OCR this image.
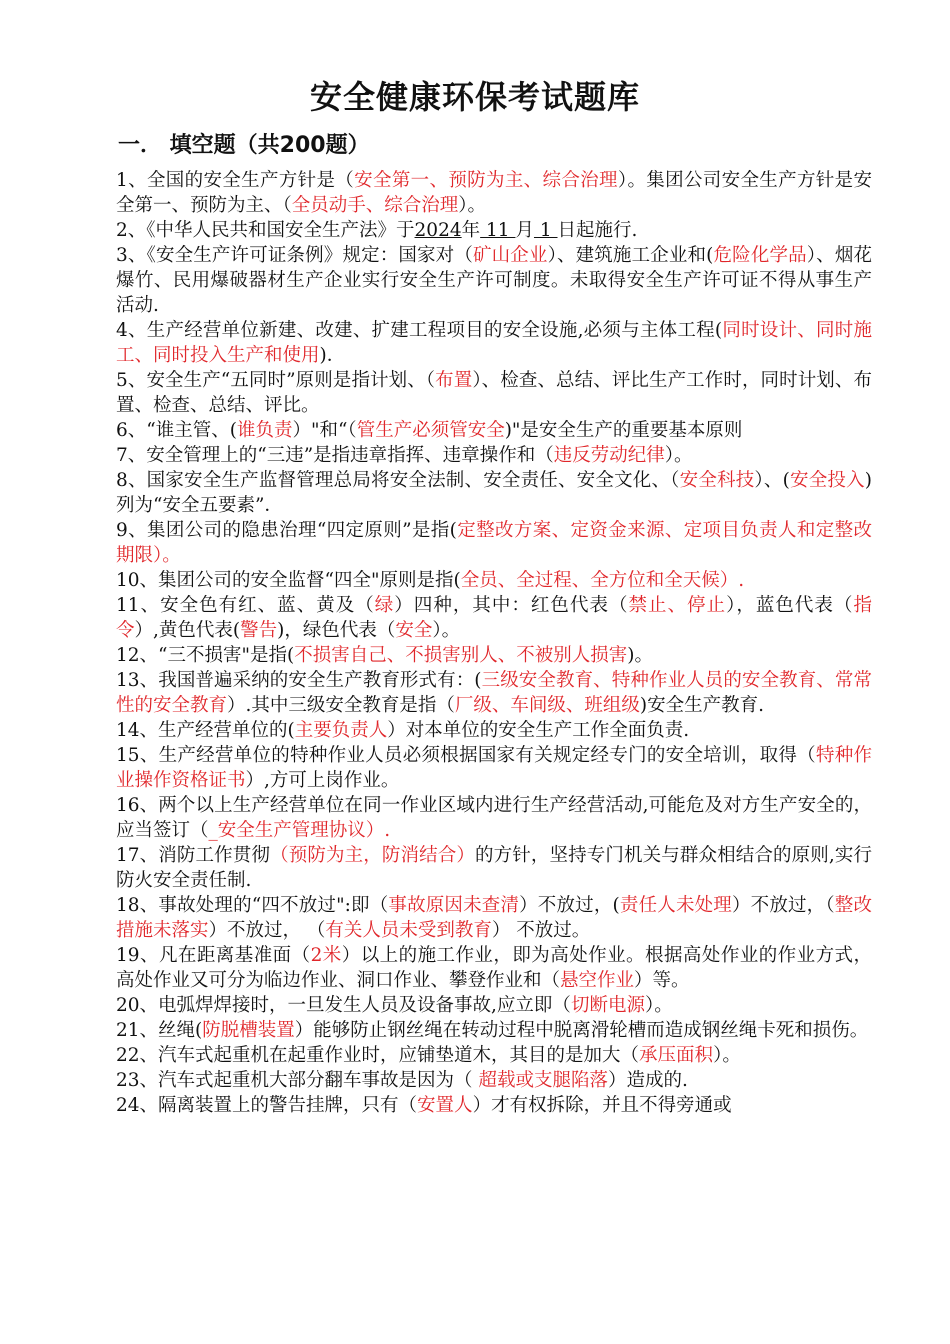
安全健康环保考试题库
一． 填空题（共200题）

1、全国的安全生产方针是（安全第一、预防为主、综合治理）。集团公司安全生产方针是安全第一、预防为主、（全员动手、综合治理）。

2、《中华人民共和国安全生产法》于2024年 11 月 1 日起施行.

3、《安全生产许可证条例》规定：国家对（矿山企业）、建筑施工企业和(危险化学品）、烟花爆竹、民用爆破器材生产企业实行安全生产许可制度。未取得安全生产许可证不得从事生产活动.

4、生产经营单位新建、改建、扩建工程项目的安全设施,必须与主体工程(同时设计、同时施工、同时投入生产和使用)．

5、安全生产“五同时”原则是指计划、（布置）、检查、总结、评比生产工作时，同时计划、布置、检查、总结、评比。

6、“谁主管、(谁负责）"和“（管生产必须管安全)"是安全生产的重要基本原则

7、安全管理上的“三违”是指违章指挥、违章操作和（违反劳动纪律）。

8、国家安全生产监督管理总局将安全法制、安全责任、安全文化、（安全科技）、(安全投入)列为“安全五要素”．

9、集团公司的隐患治理“四定原则”是指(定整改方案、定资金来源、定项目负责人和定整改期限）。

10、集团公司的安全监督“四全"原则是指(全员、全过程、全方位和全天候）.

11、安全色有红、蓝、黄及（绿）四种，其中：红色代表（禁止、停止），蓝色代表（指令）,黄色代表(警告)，绿色代表（安全）。

12、“三不损害"是指(不损害自己、不损害别人、不被别人损害)。

13、我国普遍采纳的安全生产教育形式有：(三级安全教育、特种作业人员的安全教育、常常性的安全教育）.其中三级安全教育是指（厂级、车间级、班组级)安全生产教育.

14、生产经营单位的(主要负责人）对本单位的安全生产工作全面负责.

15、生产经营单位的特种作业人员必须根据国家有关规定经专门的安全培训，取得（特种作业操作资格证书）,方可上岗作业。

16、两个以上生产经营单位在同一作业区域内进行生产经营活动,可能危及对方生产安全的，应当签订（_安全生产管理协议）.

17、消防工作贯彻（预防为主，防消结合）的方针，坚持专门机关与群众相结合的原则,实行防火安全责任制.

18、事故处理的“四不放过":即（事故原因未查清）不放过，(责任人未处理）不放过，（整改措施未落实）不放过， （有关人员未受到教育） 不放过。

19、凡在距离基准面（2米）以上的施工作业，即为高处作业。根据高处作业的作业方式，高处作业又可分为临边作业、洞口作业、攀登作业和（悬空作业）等。

20、电弧焊焊接时，一旦发生人员及设备事故,应立即（切断电源）。

21、丝绳(防脱槽装置）能够防止钢丝绳在转动过程中脱离滑轮槽而造成钢丝绳卡死和损伤。

22、汽车式起重机在起重作业时，应铺垫道木，其目的是加大（承压面积）。

23、汽车式起重机大部分翻车事故是因为（ 超载或支腿陷落）造成的.

24、隔离装置上的警告挂牌，只有（安置人）才有权拆除，并且不得旁通或
